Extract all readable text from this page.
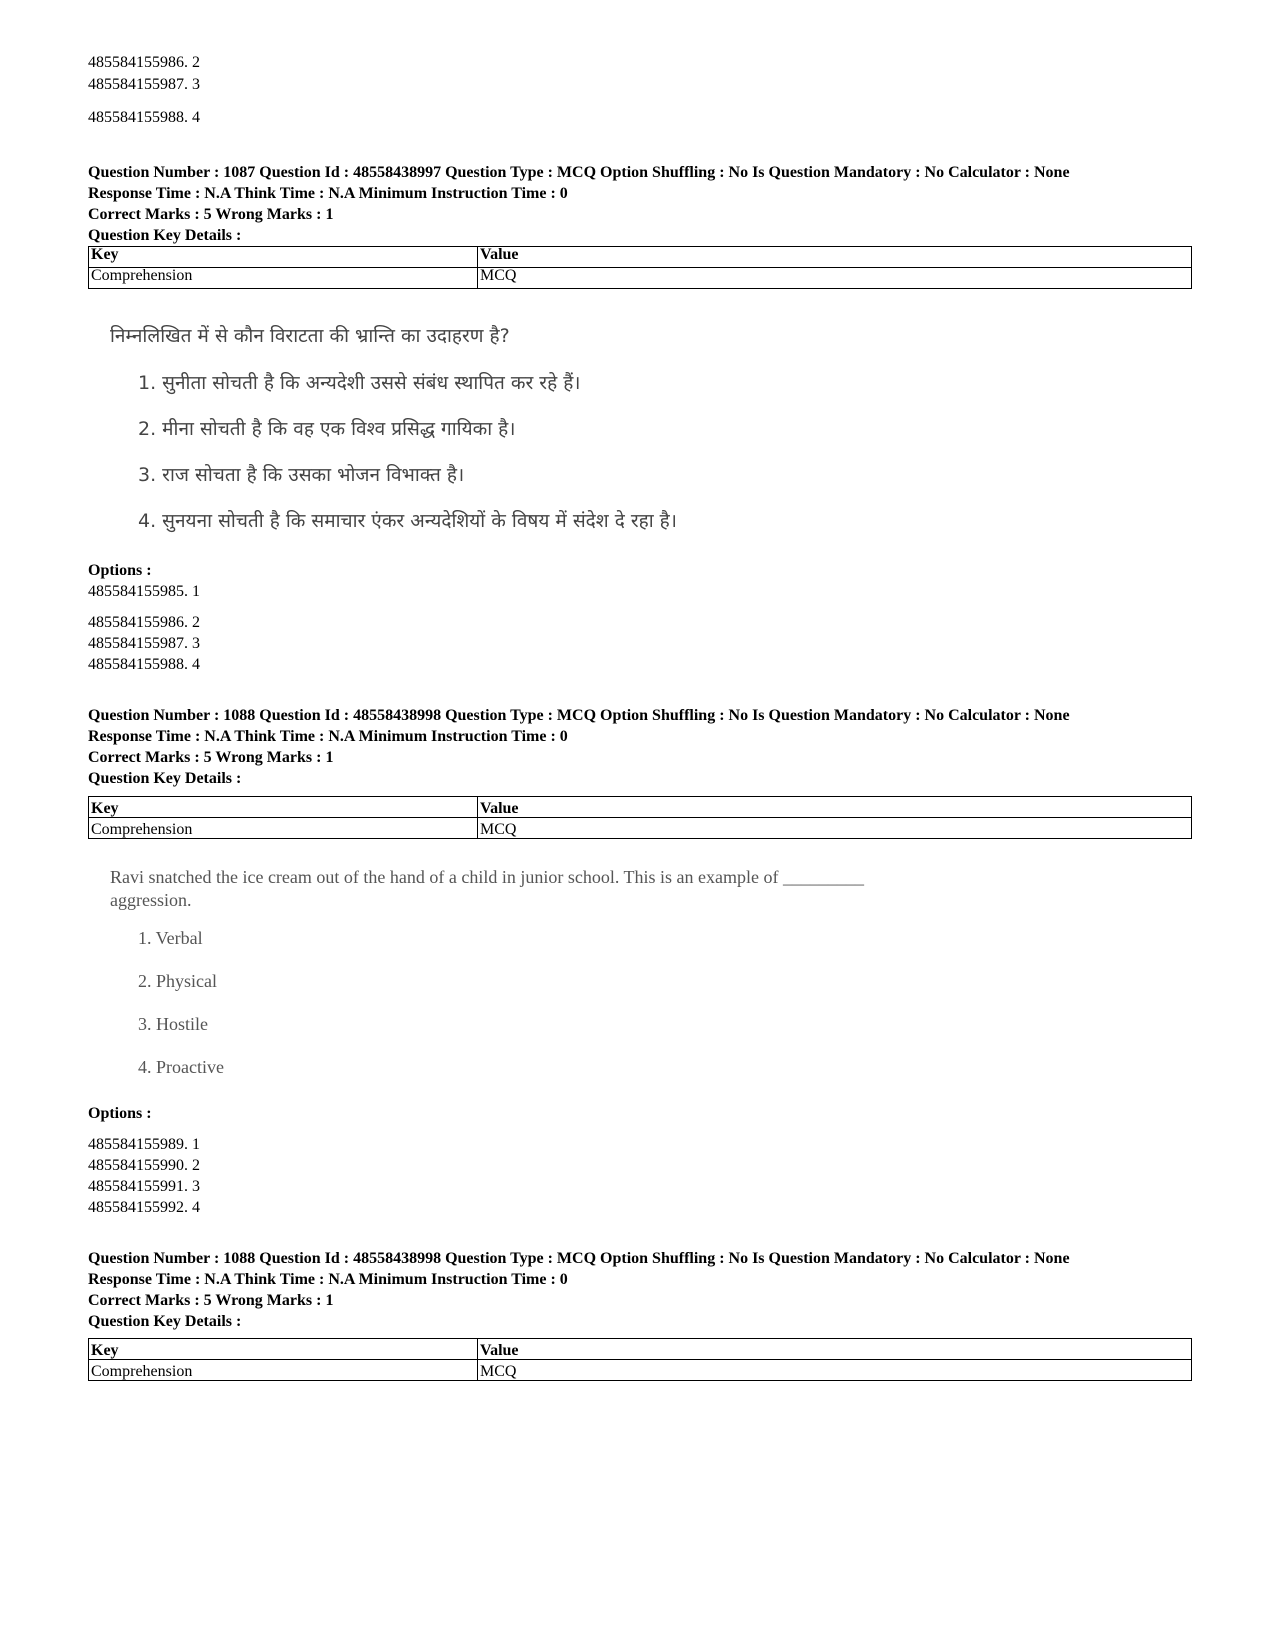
485584155986. 2
485584155987. 3
485584155988. 4
Question Number : 1087 Question Id : 48558438997 Question Type : MCQ Option Shuffling : No Is Question Mandatory : No Calculator : None
Response Time : N.A Think Time : N.A Minimum Instruction Time : 0
Correct Marks : 5 Wrong Marks : 1
Question Key Details :
Key	Value
Comprehension	MCQ
निम्नलिखित में से कौन विराटता की भ्रान्ति का उदाहरण है?
1. सुनीता सोचती है कि अन्यदेशी उससे संबंध स्थापित कर रहे हैं।
2. मीना सोचती है कि वह एक विश्व प्रसिद्ध गायिका है।
3. राज सोचता है कि उसका भोजन विभाक्त है।
4. सुनयना सोचती है कि समाचार एंकर अन्यदेशियों के विषय में संदेश दे रहा है।
Options :
485584155985. 1
485584155986. 2
485584155987. 3
485584155988. 4
Question Number : 1088 Question Id : 48558438998 Question Type : MCQ Option Shuffling : No Is Question Mandatory : No Calculator : None
Response Time : N.A Think Time : N.A Minimum Instruction Time : 0
Correct Marks : 5 Wrong Marks : 1
Question Key Details :
Key	Value
Comprehension	MCQ
Ravi snatched the ice cream out of the hand of a child in junior school. This is an example of _________ aggression.
1. Verbal
2. Physical
3. Hostile
4. Proactive
Options :
485584155989. 1
485584155990. 2
485584155991. 3
485584155992. 4
Question Number : 1088 Question Id : 48558438998 Question Type : MCQ Option Shuffling : No Is Question Mandatory : No Calculator : None
Response Time : N.A Think Time : N.A Minimum Instruction Time : 0
Correct Marks : 5 Wrong Marks : 1
Question Key Details :
Key	Value
Comprehension	MCQ
